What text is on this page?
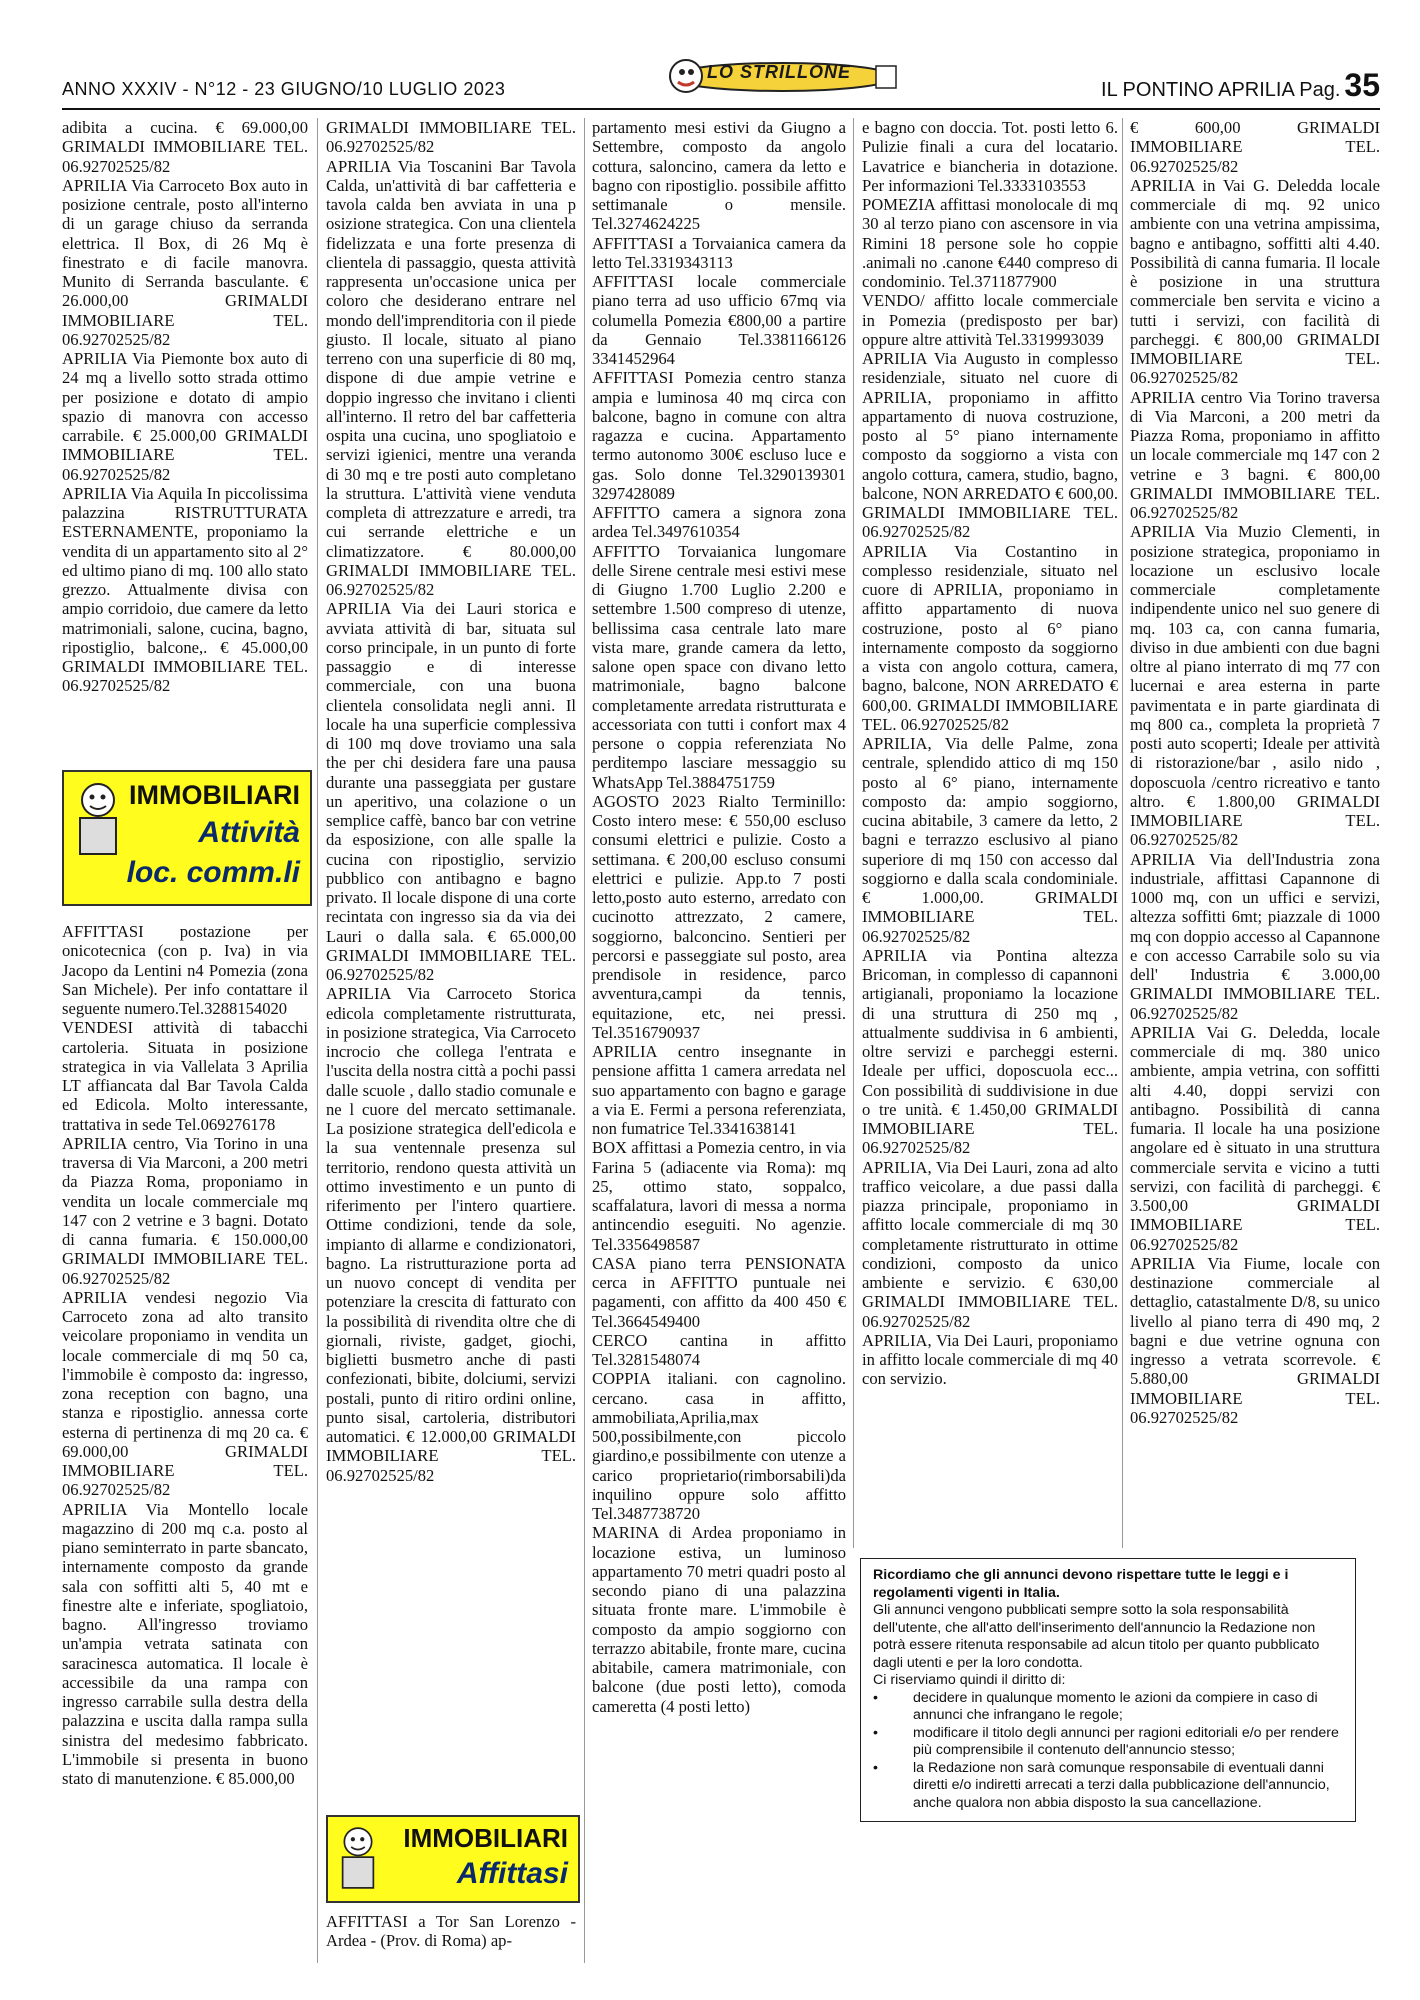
ANNO XXXIV - N°12 - 23 GIUGNO/10 LUGLIO 2023
LO STRILLONE
IL PONTINO APRILIA Pag. 35

adibita a cucina. € 69.000,00 GRIMALDI IMMOBILIARE TEL. 06.92702525/82

APRILIA Via Carroceto Box auto in posizione centrale, posto all'interno di un garage chiuso da serranda elettrica. Il Box, di 26 Mq è finestrato e di facile manovra. Munito di Serranda basculante. € 26.000,00 GRIMALDI IMMOBILIARE TEL. 06.92702525/82

APRILIA Via Piemonte box auto di 24 mq a livello sotto strada ottimo per posizione e dotato di ampio spazio di manovra con accesso carrabile. € 25.000,00 GRIMALDI IMMOBILIARE TEL. 06.92702525/82

APRILIA Via Aquila In piccolissima palazzina RISTRUTTURATA ESTERNAMENTE, proponiamo la vendita di un appartamento sito al 2° ed ultimo piano di mq. 100 allo stato grezzo. Attualmente divisa con ampio corridoio, due camere da letto matrimoniali, salone, cucina, bagno, ripostiglio, balcone,. € 45.000,00 GRIMALDI IMMOBILIARE TEL. 06.92702525/82

IMMOBILIARI
Attività
loc. comm.li

AFFITTASI postazione per onicotecnica (con p. Iva) in via Jacopo da Lentini n4 Pomezia (zona San Michele). Per info contattare il seguente numero.Tel.3288154020

VENDESI attività di tabacchi cartoleria. Situata in posizione strategica in via Vallelata 3 Aprilia LT affiancata dal Bar Tavola Calda ed Edicola. Molto interessante, trattativa in sede Tel.069276178

APRILIA centro, Via Torino in una traversa di Via Marconi, a 200 metri da Piazza Roma, proponiamo in vendita un locale commerciale mq 147 con 2 vetrine e 3 bagni. Dotato di canna fumaria. € 150.000,00 GRIMALDI IMMOBILIARE TEL. 06.92702525/82

APRILIA vendesi negozio Via Carroceto zona ad alto transito veicolare proponiamo in vendita un locale commerciale di mq 50 ca, l'immobile è composto da: ingresso, zona reception con bagno, una stanza e ripostiglio. annessa corte esterna di pertinenza di mq 20 ca. € 69.000,00 GRIMALDI IMMOBILIARE TEL. 06.92702525/82

APRILIA Via Montello locale magazzino di 200 mq c.a. posto al piano seminterrato in parte sbancato, internamente composto da grande sala con soffitti alti 5, 40 mt e finestre alte e inferiate, spogliatoio, bagno. All'ingresso troviamo un'ampia vetrata satinata con saracinesca automatica. Il locale è accessibile da una rampa con ingresso carrabile sulla destra della palazzina e uscita dalla rampa sulla sinistra del medesimo fabbricato. L'immobile si presenta in buono stato di manutenzione. € 85.000,00

GRIMALDI IMMOBILIARE TEL. 06.92702525/82

APRILIA Via Toscanini Bar Tavola Calda, un'attività di bar caffetteria e tavola calda ben avviata in una p osizione strategica. Con una clientela fidelizzata e una forte presenza di clientela di passaggio, questa attività rappresenta un'occasione unica per coloro che desiderano entrare nel mondo dell'imprenditoria con il piede giusto. Il locale, situato al piano terreno con una superficie di 80 mq, dispone di due ampie vetrine e doppio ingresso che invitano i clienti all'interno. Il retro del bar caffetteria ospita una cucina, uno spogliatoio e servizi igienici, mentre una veranda di 30 mq e tre posti auto completano la struttura. L'attività viene venduta completa di attrezzature e arredi, tra cui serrande elettriche e un climatizzatore. € 80.000,00 GRIMALDI IMMOBILIARE TEL. 06.92702525/82

APRILIA Via dei Lauri storica e avviata attività di bar, situata sul corso principale, in un punto di forte passaggio e di interesse commerciale, con una buona clientela consolidata negli anni. Il locale ha una superficie complessiva di 100 mq dove troviamo una sala the per chi desidera fare una pausa durante una passeggiata per gustare un aperitivo, una colazione o un semplice caffè, banco bar con vetrine da esposizione, con alle spalle la cucina con ripostiglio, servizio pubblico con antibagno e bagno privato. Il locale dispone di una corte recintata con ingresso sia da via dei Lauri o dalla sala. € 65.000,00 GRIMALDI IMMOBILIARE TEL. 06.92702525/82

APRILIA Via Carroceto Storica edicola completamente ristrutturata, in posizione strategica, Via Carroceto incrocio che collega l'entrata e l'uscita della nostra città a pochi passi dalle scuole , dallo stadio comunale e ne l cuore del mercato settimanale. La posizione strategica dell'edicola e la sua ventennale presenza sul territorio, rendono questa attività un ottimo investimento e un punto di riferimento per l'intero quartiere. Ottime condizioni, tende da sole, impianto di allarme e condizionatori, bagno. La ristrutturazione porta ad un nuovo concept di vendita per potenziare la crescita di fatturato con la possibilità di rivendita oltre che di giornali, riviste, gadget, giochi, biglietti busmetro anche di pasti confezionati, bibite, dolciumi, servizi postali, punto di ritiro ordini online, punto sisal, cartoleria, distributori automatici. € 12.000,00 GRIMALDI IMMOBILIARE TEL. 06.92702525/82

IMMOBILIARI
Affittasi

AFFITTASI a Tor San Lorenzo - Ardea - (Prov. di Roma) ap-

partamento mesi estivi da Giugno a Settembre, composto da angolo cottura, saloncino, camera da letto e bagno con ripostiglio. possibile affitto settimanale o mensile. Tel.3274624225

AFFITTASI a Torvaianica camera da letto Tel.3319343113

AFFITTASI locale commerciale piano terra ad uso ufficio 67mq via columella Pomezia €800,00 a partire da Gennaio Tel.3381166126 3341452964

AFFITTASI Pomezia centro stanza ampia e luminosa 40 mq circa con balcone, bagno in comune con altra ragazza e cucina. Appartamento termo autonomo 300€ escluso luce e gas. Solo donne Tel.3290139301 3297428089

AFFITTO camera a signora zona ardea Tel.3497610354

AFFITTO Torvaianica lungomare delle Sirene centrale mesi estivi mese di Giugno 1.700 Luglio 2.200 e settembre 1.500 compreso di utenze, bellissima casa centrale lato mare vista mare, grande camera da letto, salone open space con divano letto matrimoniale, bagno balcone completamente arredata ristrutturata e accessoriata con tutti i confort max 4 persone o coppia referenziata No perditempo lasciare messaggio su WhatsApp Tel.3884751759

AGOSTO 2023 Rialto Terminillo: Costo intero mese: € 550,00 escluso consumi elettrici e pulizie. Costo a settimana. € 200,00 escluso consumi elettrici e pulizie. App.to 7 posti letto,posto auto esterno, arredato con cucinotto attrezzato, 2 camere, soggiorno, balconcino. Sentieri per percorsi e passeggiate sul posto, area prendisole in residence, parco avventura,campi da tennis, equitazione, etc, nei pressi. Tel.3516790937

APRILIA centro insegnante in pensione affitta 1 camera arredata nel suo appartamento con bagno e garage a via E. Fermi a persona referenziata, non fumatrice Tel.3341638141

BOX affittasi a Pomezia centro, in via Farina 5 (adiacente via Roma): mq 25, ottimo stato, soppalco, scaffalatura, lavori di messa a norma antincendio eseguiti. No agenzie. Tel.3356498587

CASA piano terra PENSIONATA cerca in AFFITTO puntuale nei pagamenti, con affitto da 400 450 € Tel.3664549400

CERCO cantina in affitto Tel.3281548074

COPPIA italiani. con cagnolino. cercano. casa in affitto, ammobiliata,Aprilia,max 500,possibilmente,con piccolo giardino,e possibilmente con utenze a carico proprietario(rimborsabili)da inquilino oppure solo affitto Tel.3487738720

MARINA di Ardea proponiamo in locazione estiva, un luminoso appartamento 70 metri quadri posto al secondo piano di una palazzina situata fronte mare. L'immobile è composto da ampio soggiorno con terrazzo abitabile, fronte mare, cucina abitabile, camera matrimoniale, con balcone (due posti letto), comoda cameretta (4 posti letto)

e bagno con doccia. Tot. posti letto 6. Pulizie finali a cura del locatario. Lavatrice e biancheria in dotazione. Per informazioni Tel.3333103553

POMEZIA affittasi monolocale di mq 30 al terzo piano con ascensore in via Rimini 18 persone sole ho coppie .animali no .canone €440 compreso di condominio. Tel.3711877900

VENDO/ affitto locale commerciale in Pomezia (predisposto per bar) oppure altre attività Tel.3319993039

APRILIA Via Augusto in complesso residenziale, situato nel cuore di APRILIA, proponiamo in affitto appartamento di nuova costruzione, posto al 5° piano internamente composto da soggiorno a vista con angolo cottura, camera, studio, bagno, balcone, NON ARREDATO € 600,00. GRIMALDI IMMOBILIARE TEL. 06.92702525/82

APRILIA Via Costantino in complesso residenziale, situato nel cuore di APRILIA, proponiamo in affitto appartamento di nuova costruzione, posto al 6° piano internamente composto da soggiorno a vista con angolo cottura, camera, bagno, balcone, NON ARREDATO € 600,00. GRIMALDI IMMOBILIARE TEL. 06.92702525/82

APRILIA, Via delle Palme, zona centrale, splendido attico di mq 150 posto al 6° piano, internamente composto da: ampio soggiorno, cucina abitabile, 3 camere da letto, 2 bagni e terrazzo esclusivo al piano superiore di mq 150 con accesso dal soggiorno e dalla scala condominiale. € 1.000,00. GRIMALDI IMMOBILIARE TEL. 06.92702525/82

APRILIA via Pontina altezza Bricoman, in complesso di capannoni artigianali, proponiamo la locazione di una struttura di 250 mq , attualmente suddivisa in 6 ambienti, oltre servizi e parcheggi esterni. Ideale per uffici, doposcuola ecc... Con possibilità di suddivisione in due o tre unità. € 1.450,00 GRIMALDI IMMOBILIARE TEL. 06.92702525/82

APRILIA, Via Dei Lauri, zona ad alto traffico veicolare, a due passi dalla piazza principale, proponiamo in affitto locale commerciale di mq 30 completamente ristrutturato in ottime condizioni, composto da unico ambiente e servizio. € 630,00 GRIMALDI IMMOBILIARE TEL. 06.92702525/82

APRILIA, Via Dei Lauri, proponiamo in affitto locale commerciale di mq 40 con servizio.

€ 600,00 GRIMALDI IMMOBILIARE TEL. 06.92702525/82

APRILIA in Vai G. Deledda locale commerciale di mq. 92 unico ambiente con una vetrina ampissima, bagno e antibagno, soffitti alti 4.40. Possibilità di canna fumaria. Il locale è posizione in una struttura commerciale ben servita e vicino a tutti i servizi, con facilità di parcheggi. € 800,00 GRIMALDI IMMOBILIARE TEL. 06.92702525/82

APRILIA centro Via Torino traversa di Via Marconi, a 200 metri da Piazza Roma, proponiamo in affitto un locale commerciale mq 147 con 2 vetrine e 3 bagni. € 800,00 GRIMALDI IMMOBILIARE TEL. 06.92702525/82

APRILIA Via Muzio Clementi, in posizione strategica, proponiamo in locazione un esclusivo locale commerciale completamente indipendente unico nel suo genere di mq. 103 ca, con canna fumaria, diviso in due ambienti con due bagni oltre al piano interrato di mq 77 con lucernai e area esterna in parte pavimentata e in parte giardinata di mq 800 ca., completa la proprietà 7 posti auto scoperti; Ideale per attività di ristorazione/bar , asilo nido , doposcuola /centro ricreativo e tanto altro. € 1.800,00 GRIMALDI IMMOBILIARE TEL. 06.92702525/82

APRILIA Via dell'Industria zona industriale, affittasi Capannone di 1000 mq, con un uffici e servizi, altezza soffitti 6mt; piazzale di 1000 mq con doppio accesso al Capannone e con accesso Carrabile solo su via dell' Industria € 3.000,00 GRIMALDI IMMOBILIARE TEL. 06.92702525/82

APRILIA Vai G. Deledda, locale commerciale di mq. 380 unico ambiente, ampia vetrina, con soffitti alti 4.40, doppi servizi con antibagno. Possibilità di canna fumaria. Il locale ha una posizione angolare ed è situato in una struttura commerciale servita e vicino a tutti servizi, con facilità di parcheggi. € 3.500,00 GRIMALDI IMMOBILIARE TEL. 06.92702525/82

APRILIA Via Fiume, locale con destinazione commerciale al dettaglio, catastalmente D/8, su unico livello al piano terra di 490 mq, 2 bagni e due vetrine ognuna con ingresso a vetrata scorrevole. € 5.880,00 GRIMALDI IMMOBILIARE TEL. 06.92702525/82

Ricordiamo che gli annunci devono rispettare tutte le leggi e i regolamenti vigenti in Italia.
Gli annunci vengono pubblicati sempre sotto la sola responsabilità dell'utente, che all'atto dell'inserimento dell'annuncio la Redazione non potrà essere ritenuta responsabile ad alcun titolo per quanto pubblicato dagli utenti e per la loro condotta.
Ci riserviamo quindi il diritto di:
•	decidere in qualunque momento le azioni da compiere in caso di annunci che infrangano le regole;
•	modificare il titolo degli annunci per ragioni editoriali e/o per rendere più comprensibile il contenuto dell'annuncio stesso;
•	la Redazione non sarà comunque responsabile di eventuali danni diretti e/o indiretti arrecati a terzi dalla pubblicazione dell'annuncio, anche qualora non abbia disposto la sua cancellazione.
